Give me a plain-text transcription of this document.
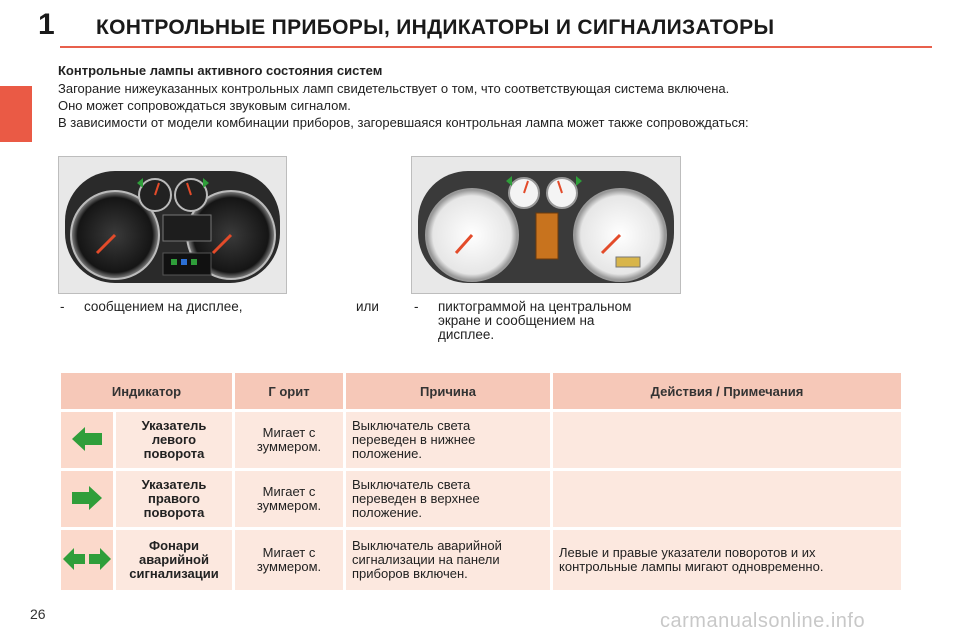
1 КОНТРОЛЬНЫЕ ПРИБОРЫ, ИНДИКАТОРЫ И СИГНАЛИЗАТОРЫ
Контрольные лампы активного состояния систем
Загорание нижеуказанных контрольных ламп свидетельствует о том, что соответствующая система включена.
Оно может сопровождаться звуковым сигналом.
В зависимости от модели комбинации приборов, загоревшаяся контрольная лампа может также сопровождаться:
- сообщением на дисплее,	или	- пиктограммой на центральном
экране и сообщением на
дисплее.
Индикатор		Г орит	Причина	Действия / Примечания
	Указатель
левого
поворота	Мигает с
зуммером.	Выключатель света
переведен в нижнее
положение.	
	Указатель
правого
поворота	Мигает с
зуммером.	Выключатель света
переведен в верхнее
положение.	
	Фонари
аварийной
сигнализации	Мигает с
зуммером.	Выключатель аварийной
сигнализации на панели
приборов включен.	Левые и правые указатели поворотов и их
контрольные лампы мигают одновременно.
26	carmanualsonline.info
